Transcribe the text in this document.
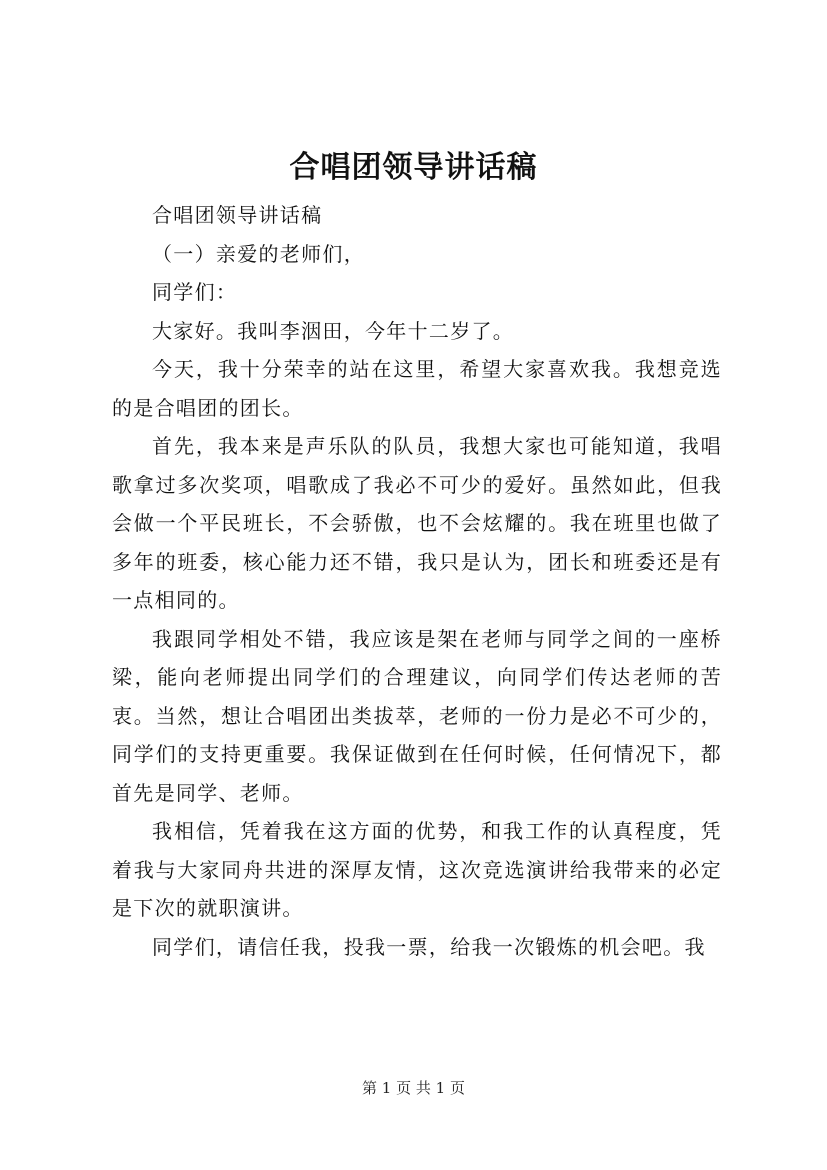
合唱团领导讲话稿

合唱团领导讲话稿

（一）亲爱的老师们，

同学们：

大家好。我叫李洇田，今年十二岁了。

今天，我十分荣幸的站在这里，希望大家喜欢我。我想竞选的是合唱团的团长。

首先，我本来是声乐队的队员，我想大家也可能知道，我唱歌拿过多次奖项，唱歌成了我必不可少的爱好。虽然如此，但我会做一个平民班长，不会骄傲，也不会炫耀的。我在班里也做了多年的班委，核心能力还不错，我只是认为，团长和班委还是有一点相同的。

我跟同学相处不错，我应该是架在老师与同学之间的一座桥梁，能向老师提出同学们的合理建议，向同学们传达老师的苦衷。当然，想让合唱团出类拔萃，老师的一份力是必不可少的，同学们的支持更重要。我保证做到在任何时候，任何情况下，都首先是同学、老师。

我相信，凭着我在这方面的优势，和我工作的认真程度，凭着我与大家同舟共进的深厚友情，这次竞选演讲给我带来的必定是下次的就职演讲。

同学们，请信任我，投我一票，给我一次锻炼的机会吧。我

第 1 页 共 1 页
